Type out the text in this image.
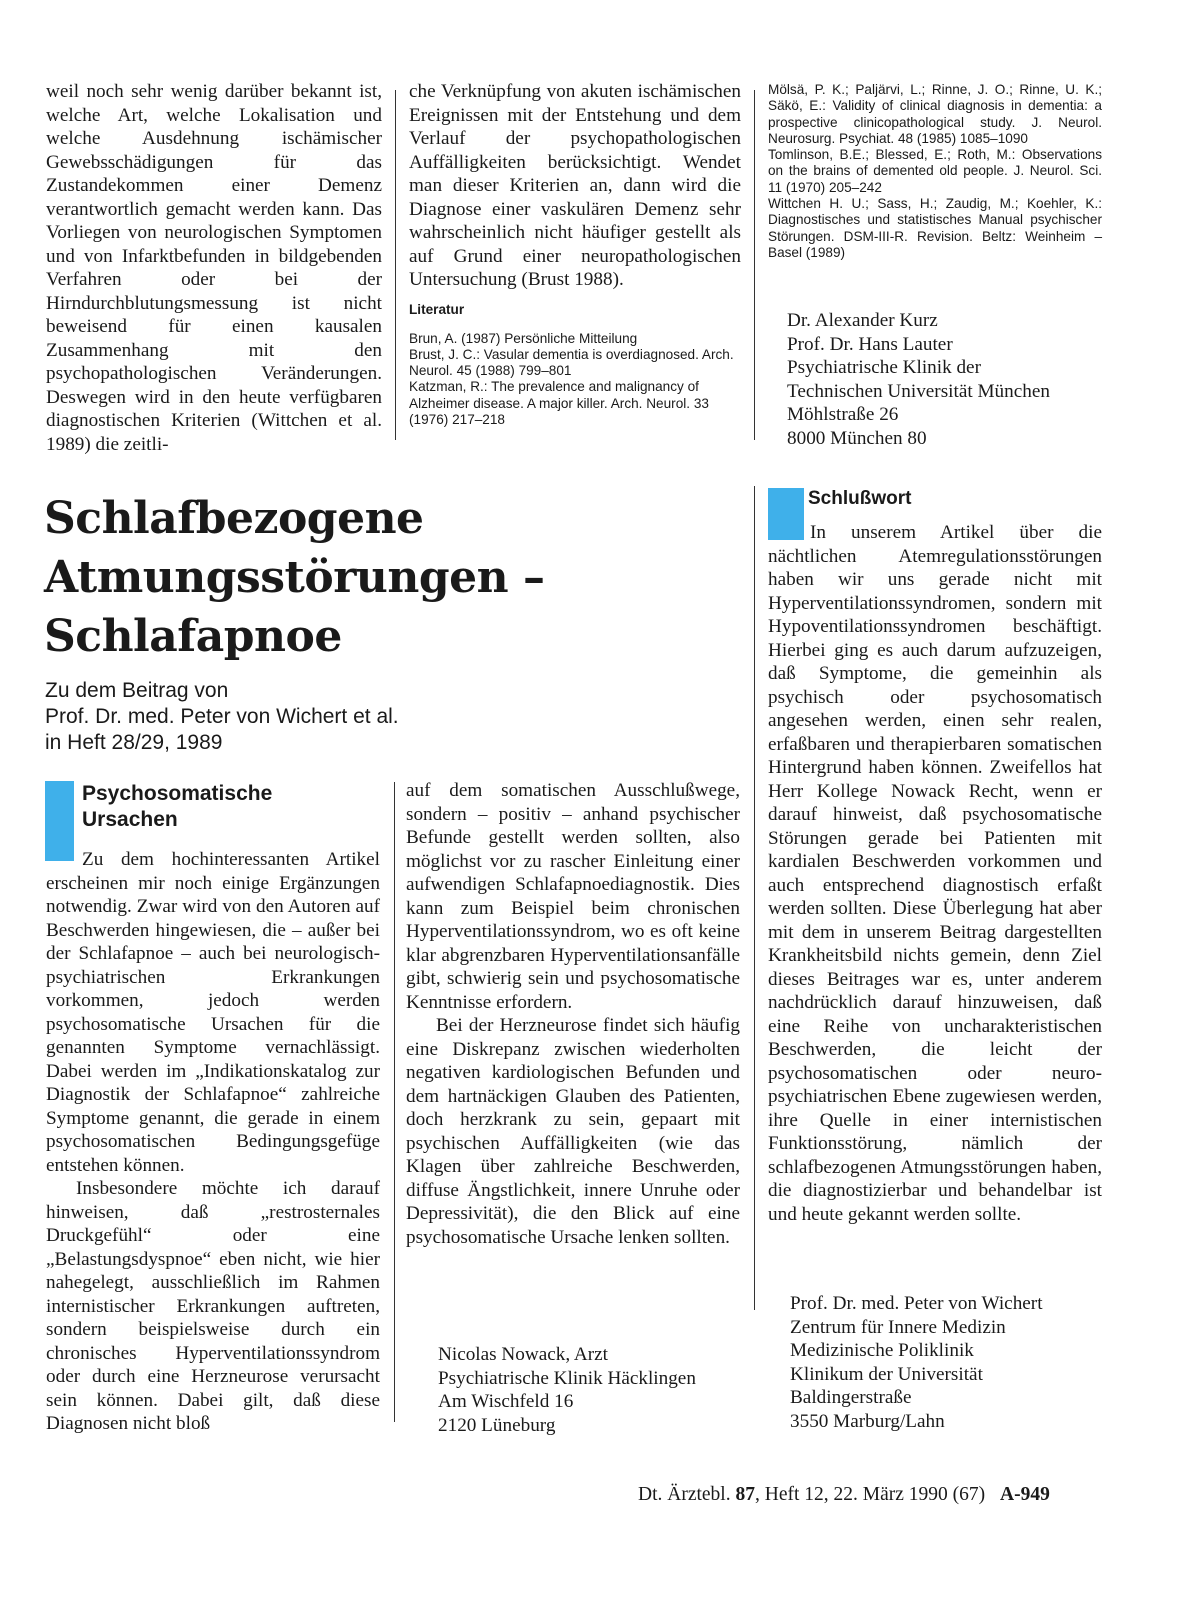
weil noch sehr wenig darüber bekannt ist, welche Art, welche Lokalisation und welche Ausdehnung ischämischer Gewebsschädigungen für das Zustandekommen einer Demenz verantwortlich gemacht werden kann. Das Vorliegen von neurologischen Symptomen und von Infarktbefunden in bildgebenden Verfahren oder bei der Hirndurchblutungsmessung ist nicht beweisend für einen kausalen Zusammenhang mit den psychopathologischen Veränderungen. Deswegen wird in den heute verfügbaren diagnostischen Kriterien (Wittchen et al. 1989) die zeitli-

che Verknüpfung von akuten ischämischen Ereignissen mit der Entstehung und dem Verlauf der psychopathologischen Auffälligkeiten berücksichtigt. Wendet man dieser Kriterien an, dann wird die Diagnose einer vaskulären Demenz sehr wahrscheinlich nicht häufiger gestellt als auf Grund einer neuropathologischen Untersuchung (Brust 1988).

Literatur

Brun, A. (1987) Persönliche Mitteilung

Brust, J. C.: Vasular dementia is overdiagnosed. Arch. Neurol. 45 (1988) 799–801

Katzman, R.: The prevalence and malignancy of Alzheimer disease. A major killer. Arch. Neurol. 33 (1976) 217–218

Mölsä, P. K.; Paljärvi, L.; Rinne, J. O.; Rinne, U. K.; Säkö, E.: Validity of clinical diagnosis in dementia: a prospective clinicopathological study. J. Neurol. Neurosurg. Psychiat. 48 (1985) 1085–1090

Tomlinson, B.E.; Blessed, E.; Roth, M.: Observations on the brains of demented old people. J. Neurol. Sci. 11 (1970) 205–242

Wittchen H. U.; Sass, H.; Zaudig, M.; Koehler, K.: Diagnostisches und statistisches Manual psychischer Störungen. DSM-III-R. Revision. Beltz: Weinheim – Basel (1989)

Dr. Alexander Kurz
Prof. Dr. Hans Lauter
Psychiatrische Klinik der
Technischen Universität München
Möhlstraße 26
8000 München 80
Schlafbezogene
Atmungsstörungen –
Schlafapnoe
Zu dem Beitrag von
Prof. Dr. med. Peter von Wichert et al.
in Heft 28/29, 1989
Psychosomatische
Ursachen

Zu dem hochinteressanten Artikel erscheinen mir noch einige Ergänzungen notwendig. Zwar wird von den Autoren auf Beschwerden hingewiesen, die – außer bei der Schlafapnoe – auch bei neurologisch-psychiatrischen Erkrankungen vorkommen, jedoch werden psychosomatische Ursachen für die genannten Symptome vernachlässigt. Dabei werden im „Indikationskatalog zur Diagnostik der Schlafapnoe“ zahlreiche Symptome genannt, die gerade in einem psychosomatischen Bedingungsgefüge entstehen können.

Insbesondere möchte ich darauf hinweisen, daß „restrosternales Druckgefühl“ oder eine „Belastungsdyspnoe“ eben nicht, wie hier nahegelegt, ausschließlich im Rahmen internistischer Erkrankungen auftreten, sondern beispielsweise durch ein chronisches Hyperventilationssyndrom oder durch eine Herzneurose verursacht sein können. Dabei gilt, daß diese Diagnosen nicht bloß

auf dem somatischen Ausschlußwege, sondern – positiv – anhand psychischer Befunde gestellt werden sollten, also möglichst vor zu rascher Einleitung einer aufwendigen Schlafapnoediagnostik. Dies kann zum Beispiel beim chronischen Hyperventilationssyndrom, wo es oft keine klar abgrenzbaren Hyperventilationsanfälle gibt, schwierig sein und psychosomatische Kenntnisse erfordern.

Bei der Herzneurose findet sich häufig eine Diskrepanz zwischen wiederholten negativen kardiologischen Befunden und dem hartnäckigen Glauben des Patienten, doch herzkrank zu sein, gepaart mit psychischen Auffälligkeiten (wie das Klagen über zahlreiche Beschwerden, diffuse Ängstlichkeit, innere Unruhe oder Depressivität), die den Blick auf eine psychosomatische Ursache lenken sollten.

Nicolas Nowack, Arzt
Psychiatrische Klinik Häcklingen
Am Wischfeld 16
2120 Lüneburg
Schlußwort

In unserem Artikel über die nächtlichen Atemregulationsstörungen haben wir uns gerade nicht mit Hyperventilationssyndromen, sondern mit Hypoventilationssyndromen beschäftigt. Hierbei ging es auch darum aufzuzeigen, daß Symptome, die gemeinhin als psychisch oder psychosomatisch angesehen werden, einen sehr realen, erfaßbaren und therapierbaren somatischen Hintergrund haben können. Zweifellos hat Herr Kollege Nowack Recht, wenn er darauf hinweist, daß psychosomatische Störungen gerade bei Patienten mit kardialen Beschwerden vorkommen und auch entsprechend diagnostisch erfaßt werden sollten. Diese Überlegung hat aber mit dem in unserem Beitrag dargestellten Krankheitsbild nichts gemein, denn Ziel dieses Beitrages war es, unter anderem nachdrücklich darauf hinzuweisen, daß eine Reihe von uncharakteristischen Beschwerden, die leicht der psychosomatischen oder neuro-psychiatrischen Ebene zugewiesen werden, ihre Quelle in einer internistischen Funktionsstörung, nämlich der schlafbezogenen Atmungsstörungen haben, die diagnostizierbar und behandelbar ist und heute gekannt werden sollte.

Prof. Dr. med. Peter von Wichert
Zentrum für Innere Medizin
Medizinische Poliklinik
Klinikum der Universität
Baldingerstraße
3550 Marburg/Lahn
Dt. Ärztebl. 87, Heft 12, 22. März 1990 (67) A-949
